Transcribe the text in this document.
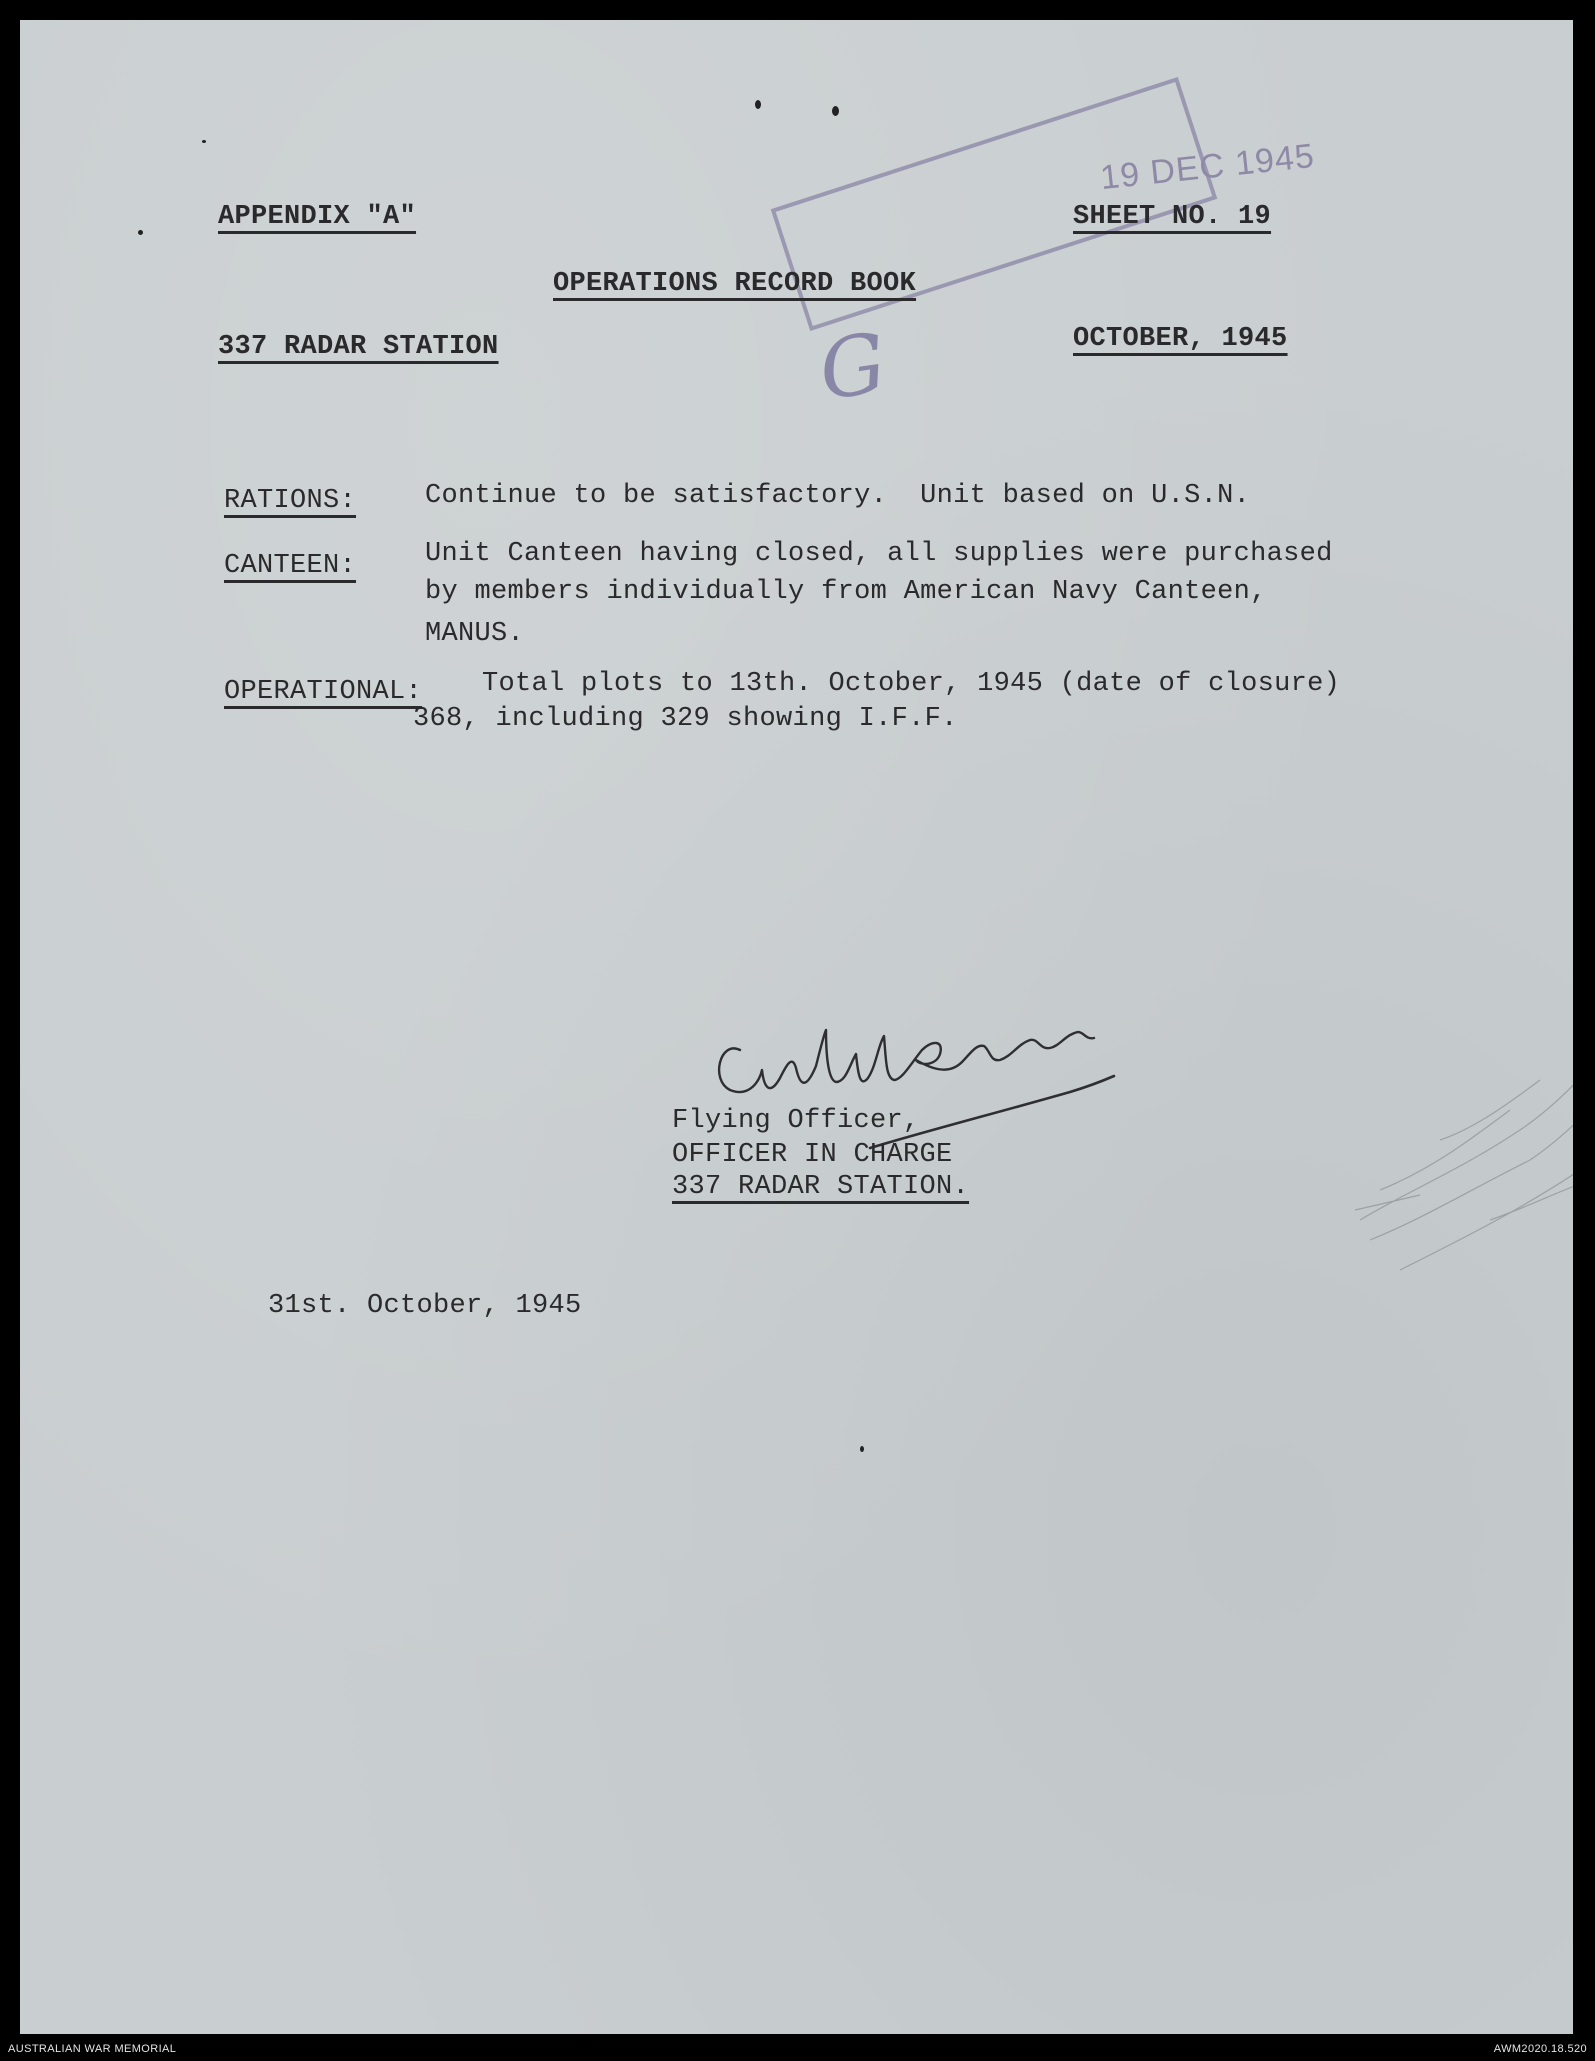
19 DEC 1945
G
APPENDIX "A"	SHEET NO. 19
OPERATIONS RECORD BOOK
337 RADAR STATION	OCTOBER, 1945
RATIONS:	Continue to be satisfactory.  Unit based on U.S.N.
CANTEEN:	Unit Canteen having closed, all supplies were purchased
by members individually from American Navy Canteen,
MANUS.
OPERATIONAL: Total plots to 13th. October, 1945 (date of closure)
368, including 329 showing I.F.F.
Flying Officer,
OFFICER IN CHARGE
337 RADAR STATION.
31st. October, 1945
AUSTRALIAN WAR MEMORIAL	AWM2020.18.520
